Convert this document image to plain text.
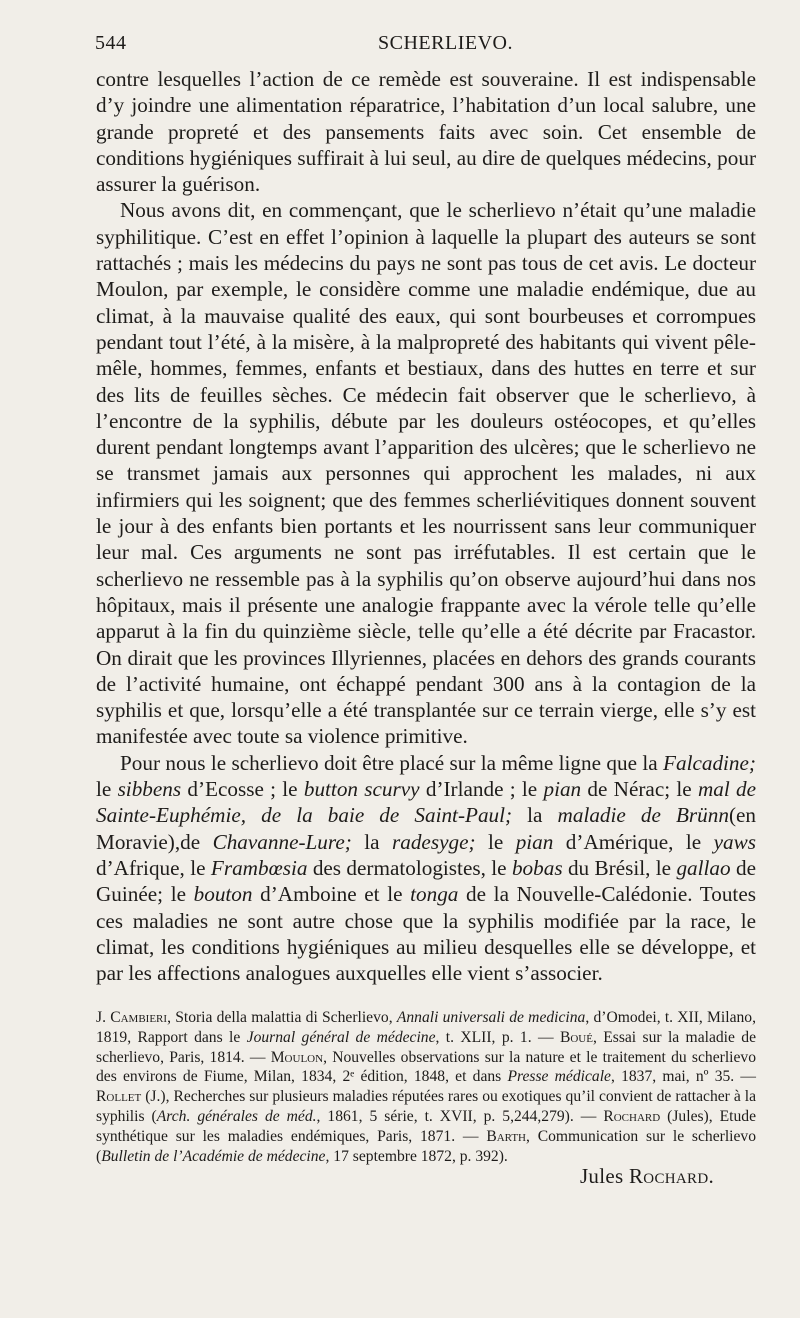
544	SCHERLIEVO.

contre lesquelles l’action de ce remède est souveraine. Il est indispensable d’y joindre une alimentation réparatrice, l’habitation d’un local salubre, une grande propreté et des pansements faits avec soin. Cet ensemble de conditions hygiéniques suffirait à lui seul, au dire de quelques médecins, pour assurer la guérison.

Nous avons dit, en commençant, que le scherlievo n’était qu’une maladie syphilitique. C’est en effet l’opinion à laquelle la plupart des auteurs se sont rattachés ; mais les médecins du pays ne sont pas tous de cet avis. Le docteur Moulon, par exemple, le considère comme une maladie endémique, due au climat, à la mauvaise qualité des eaux, qui sont bourbeuses et corrompues pendant tout l’été, à la misère, à la malpropreté des habitants qui vivent pêle-mêle, hommes, femmes, enfants et bestiaux, dans des huttes en terre et sur des lits de feuilles sèches. Ce médecin fait observer que le scherlievo, à l’encontre de la syphilis, débute par les douleurs ostéocopes, et qu’elles durent pendant longtemps avant l’apparition des ulcères; que le scherlievo ne se transmet jamais aux personnes qui approchent les malades, ni aux infirmiers qui les soignent; que des femmes scherliévitiques donnent souvent le jour à des enfants bien portants et les nourrissent sans leur communiquer leur mal. Ces arguments ne sont pas irréfutables. Il est certain que le scherlievo ne ressemble pas à la syphilis qu’on observe aujourd’hui dans nos hôpitaux, mais il présente une analogie frappante avec la vérole telle qu’elle apparut à la fin du quinzième siècle, telle qu’elle a été décrite par Fracastor. On dirait que les provinces Illyriennes, placées en dehors des grands courants de l’activité humaine, ont échappé pendant 300 ans à la contagion de la syphilis et que, lorsqu’elle a été transplantée sur ce terrain vierge, elle s’y est manifestée avec toute sa violence primitive.

Pour nous le scherlievo doit être placé sur la même ligne que la Falcadine; le sibbens d’Ecosse ; le button scurvy d’Irlande ; le pian de Nérac; le mal de Sainte-Euphémie, de la baie de Saint-Paul; la maladie de Brünn(en Moravie),de Chavanne-Lure; la radesyge; le pian d’Amérique, le yaws d’Afrique, le Frambœsia des dermatologistes, le bobas du Brésil, le gallao de Guinée; le bouton d’Amboine et le tonga de la Nouvelle-Calédonie. Toutes ces maladies ne sont autre chose que la syphilis modifiée par la race, le climat, les conditions hygiéniques au milieu desquelles elle se développe, et par les affections analogues auxquelles elle vient s’associer.

J. Cambieri, Storia della malattia di Scherlievo, Annali universali de medicina, d’Omodei, t. XII, Milano, 1819, Rapport dans le Journal général de médecine, t. XLII, p. 1. — Boué, Essai sur la maladie de scherlievo, Paris, 1814. — Moulon, Nouvelles observations sur la nature et le traitement du scherlievo des environs de Fiume, Milan, 1834, 2ᵉ édition, 1848, et dans Presse médicale, 1837, mai, nº 35. — Rollet (J.), Recherches sur plusieurs maladies réputées rares ou exotiques qu’il convient de rattacher à la syphilis (Arch. générales de méd., 1861, 5 série, t. XVII, p. 5,244,279). — Rochard (Jules), Etude synthétique sur les maladies endémiques, Paris, 1871. — Barth, Communication sur le scherlievo (Bulletin de l’Académie de médecine, 17 septembre 1872, p. 392).

Jules Rochard.
